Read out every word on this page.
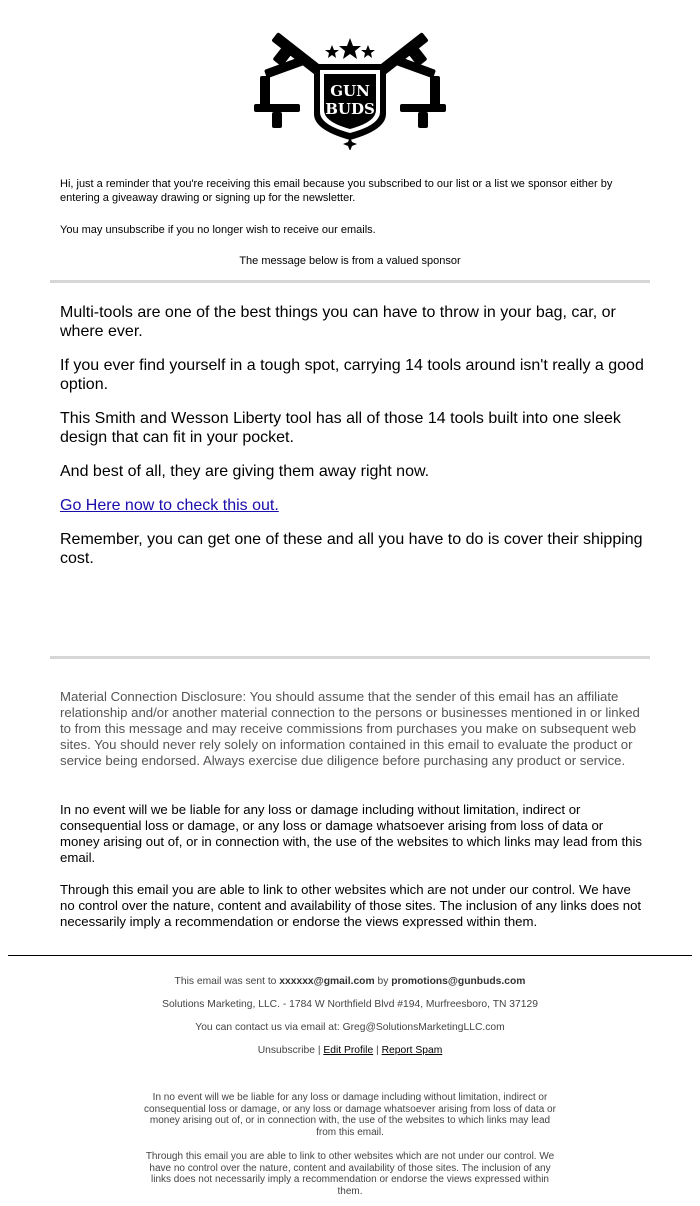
GUN
BUDS
Hi, just a reminder that you're receiving this email because you subscribed to our list or a list we sponsor either by entering a giveaway drawing or signing up for the newsletter.
You may unsubscribe if you no longer wish to receive our emails.
The message below is from a valued sponsor

Multi-tools are one of the best things you can have to throw in your bag, car, or where ever.

If you ever find yourself in a tough spot, carrying 14 tools around isn't really a good option.

This Smith and Wesson Liberty tool has all of those 14 tools built into one sleek design that can fit in your pocket.

And best of all, they are giving them away right now.

Go Here now to check this out.

Remember, you can get one of these and all you have to do is cover their shipping cost.

Material Connection Disclosure: You should assume that the sender of this email has an affiliate relationship and/or another material connection to the persons or businesses mentioned in or linked to from this message and may receive commissions from purchases you make on subsequent web sites. You should never rely solely on information contained in this email to evaluate the product or service being endorsed. Always exercise due diligence before purchasing any product or service.
In no event will we be liable for any loss or damage including without limitation, indirect or consequential loss or damage, or any loss or damage whatsoever arising from loss of data or money arising out of, or in connection with, the use of the websites to which links may lead from this email.
Through this email you are able to link to other websites which are not under our control. We have no control over the nature, content and availability of those sites. The inclusion of any links does not necessarily imply a recommendation or endorse the views expressed within them.
This email was sent to xxxxxx@gmail.com by promotions@gunbuds.com
Solutions Marketing, LLC. - 1784 W Northfield Blvd #194, Murfreesboro, TN 37129
You can contact us via email at: Greg@SolutionsMarketingLLC.com
Unsubscribe | Edit Profile | Report Spam
In no event will we be liable for any loss or damage including without limitation, indirect or consequential loss or damage, or any loss or damage whatsoever arising from loss of data or money arising out of, or in connection with, the use of the websites to which links may lead from this email.
Through this email you are able to link to other websites which are not under our control. We have no control over the nature, content and availability of those sites. The inclusion of any links does not necessarily imply a recommendation or endorse the views expressed within them.
